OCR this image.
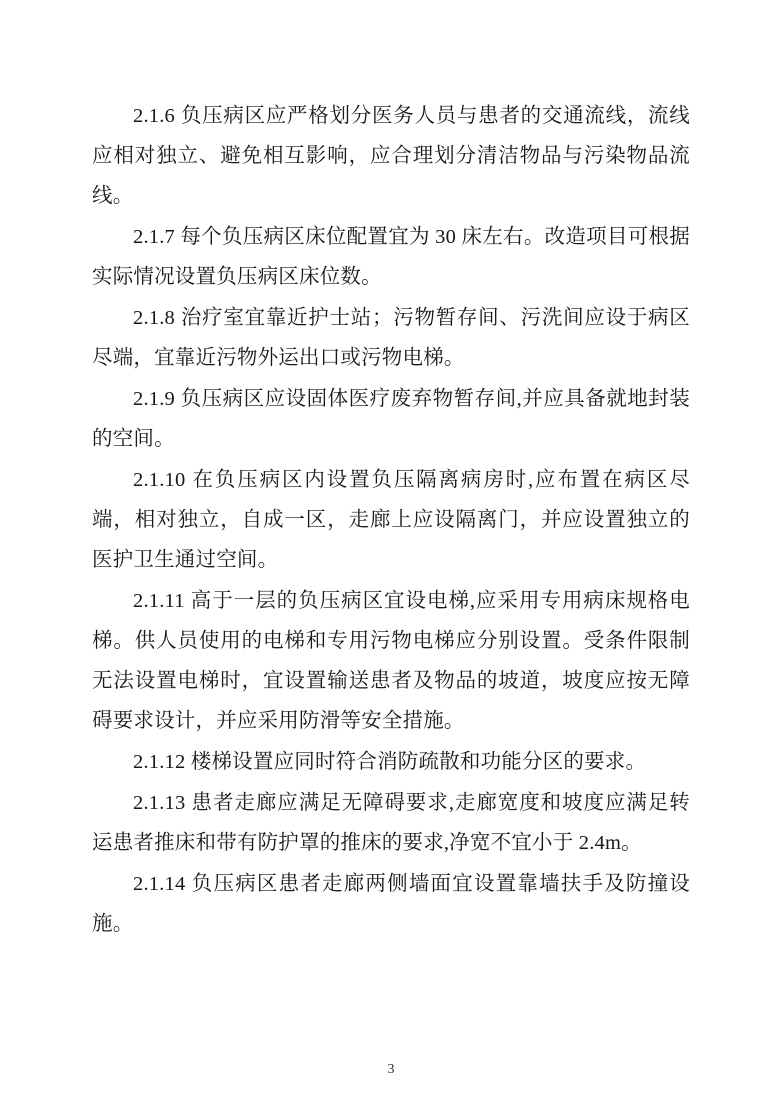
2.1.6 负压病区应严格划分医务人员与患者的交通流线，流线应相对独立、避免相互影响，应合理划分清洁物品与污染物品流线。

2.1.7 每个负压病区床位配置宜为 30 床左右。改造项目可根据实际情况设置负压病区床位数。

2.1.8 治疗室宜靠近护士站；污物暂存间、污洗间应设于病区尽端，宜靠近污物外运出口或污物电梯。

2.1.9 负压病区应设固体医疗废弃物暂存间,并应具备就地封装的空间。

2.1.10 在负压病区内设置负压隔离病房时,应布置在病区尽端，相对独立，自成一区，走廊上应设隔离门，并应设置独立的医护卫生通过空间。

2.1.11 高于一层的负压病区宜设电梯,应采用专用病床规格电梯。供人员使用的电梯和专用污物电梯应分别设置。受条件限制无法设置电梯时，宜设置输送患者及物品的坡道，坡度应按无障碍要求设计，并应采用防滑等安全措施。

2.1.12 楼梯设置应同时符合消防疏散和功能分区的要求。

2.1.13 患者走廊应满足无障碍要求,走廊宽度和坡度应满足转运患者推床和带有防护罩的推床的要求,净宽不宜小于 2.4m。

2.1.14 负压病区患者走廊两侧墙面宜设置靠墙扶手及防撞设施。

3
